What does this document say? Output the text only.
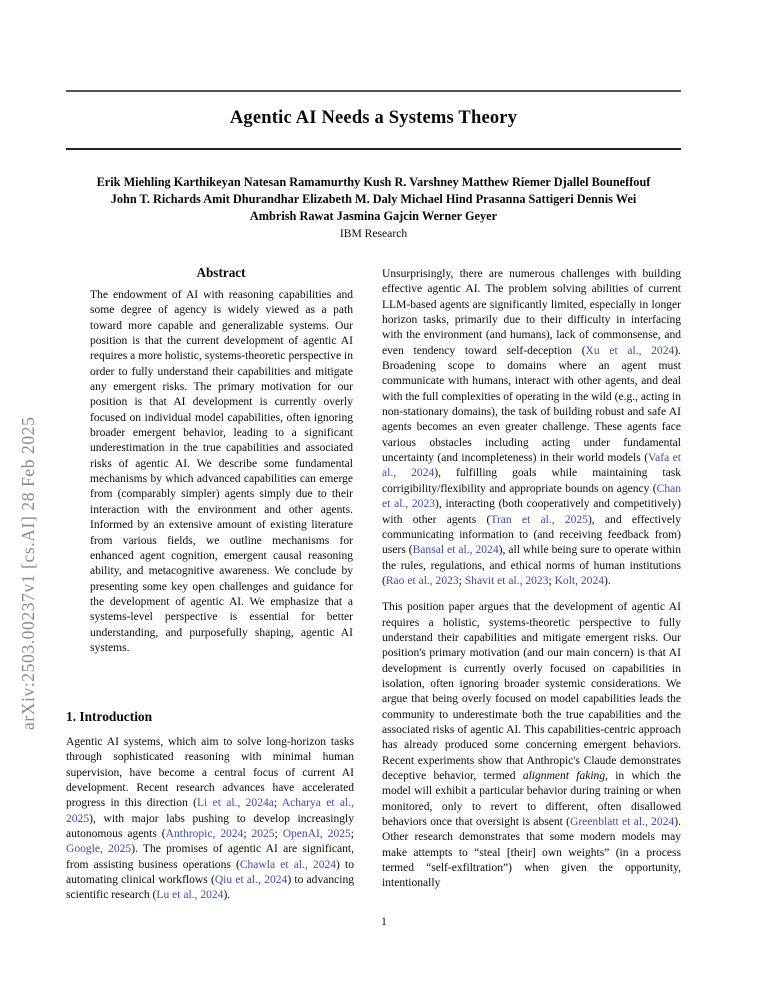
arXiv:2503.00237v1 [cs.AI] 28 Feb 2025
Agentic AI Needs a Systems Theory
Erik Miehling Karthikeyan Natesan Ramamurthy Kush R. Varshney Matthew Riemer Djallel Bouneffouf
John T. Richards Amit Dhurandhar Elizabeth M. Daly Michael Hind Prasanna Sattigeri Dennis Wei
Ambrish Rawat Jasmina Gajcin Werner Geyer
IBM Research
Abstract
The endowment of AI with reasoning capabilities and some degree of agency is widely viewed as a path toward more capable and generalizable systems. Our position is that the current development of agentic AI requires a more holistic, systems-theoretic perspective in order to fully understand their capabilities and mitigate any emergent risks. The primary motivation for our position is that AI development is currently overly focused on individual model capabilities, often ignoring broader emergent behavior, leading to a significant underestimation in the true capabilities and associated risks of agentic AI. We describe some fundamental mechanisms by which advanced capabilities can emerge from (comparably simpler) agents simply due to their interaction with the environment and other agents. Informed by an extensive amount of existing literature from various fields, we outline mechanisms for enhanced agent cognition, emergent causal reasoning ability, and metacognitive awareness. We conclude by presenting some key open challenges and guidance for the development of agentic AI. We emphasize that a systems-level perspective is essential for better understanding, and purposefully shaping, agentic AI systems.
1. Introduction
Agentic AI systems, which aim to solve long-horizon tasks through sophisticated reasoning with minimal human supervision, have become a central focus of current AI development. Recent research advances have accelerated progress in this direction (Li et al., 2024a; Acharya et al., 2025), with major labs pushing to develop increasingly autonomous agents (Anthropic, 2024; 2025; OpenAI, 2025; Google, 2025). The promises of agentic AI are significant, from assisting business operations (Chawla et al., 2024) to automating clinical workflows (Qiu et al., 2024) to advancing scientific research (Lu et al., 2024).

Unsurprisingly, there are numerous challenges with building effective agentic AI. The problem solving abilities of current LLM-based agents are significantly limited, especially in longer horizon tasks, primarily due to their difficulty in interfacing with the environment (and humans), lack of commonsense, and even tendency toward self-deception (Xu et al., 2024). Broadening scope to domains where an agent must communicate with humans, interact with other agents, and deal with the full complexities of operating in the wild (e.g., acting in non-stationary domains), the task of building robust and safe AI agents becomes an even greater challenge. These agents face various obstacles including acting under fundamental uncertainty (and incompleteness) in their world models (Vafa et al., 2024), fulfilling goals while maintaining task corrigibility/flexibility and appropriate bounds on agency (Chan et al., 2023), interacting (both cooperatively and competitively) with other agents (Tran et al., 2025), and effectively communicating information to (and receiving feedback from) users (Bansal et al., 2024), all while being sure to operate within the rules, regulations, and ethical norms of human institutions (Rao et al., 2023; Shavit et al., 2023; Kolt, 2024).

This position paper argues that the development of agentic AI requires a holistic, systems-theoretic perspective to fully understand their capabilities and mitigate emergent risks. Our position's primary motivation (and our main concern) is that AI development is currently overly focused on capabilities in isolation, often ignoring broader systemic considerations. We argue that being overly focused on model capabilities leads the community to underestimate both the true capabilities and the associated risks of agentic AI. This capabilities-centric approach has already produced some concerning emergent behaviors. Recent experiments show that Anthropic's Claude demonstrates deceptive behavior, termed alignment faking, in which the model will exhibit a particular behavior during training or when monitored, only to revert to different, often disallowed behaviors once that oversight is absent (Greenblatt et al., 2024). Other research demonstrates that some modern models may make attempts to “steal [their] own weights” (in a process termed “self-exfiltration”) when given the opportunity, intentionally

1
